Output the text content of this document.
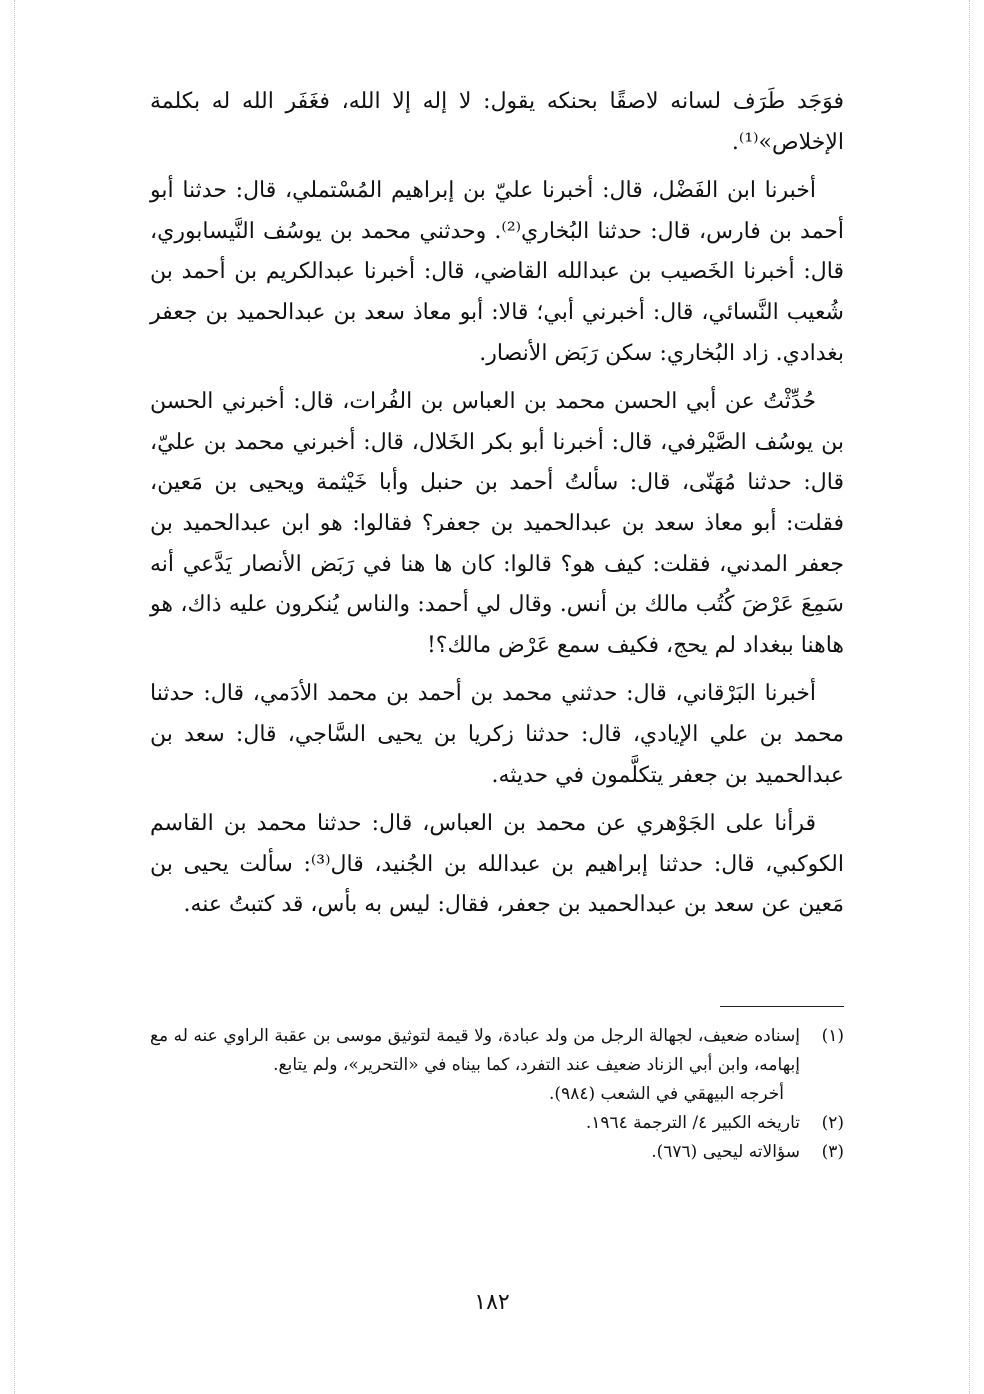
فوَجَد طَرَف لسانه لاصقًا بحنكه يقول: لا إله إلا الله، فغَفَر الله له بكلمة الإخلاص»⁽¹⁾.

أخبرنا ابن الفَضْل، قال: أخبرنا عليّ بن إبراهيم المُسْتملي، قال: حدثنا أبو أحمد بن فارس، قال: حدثنا البُخاري⁽²⁾. وحدثني محمد بن يوسُف النَّيسابوري، قال: أخبرنا الخَصيب بن عبدالله القاضي، قال: أخبرنا عبدالكريم بن أحمد بن شُعيب النَّسائي، قال: أخبرني أبي؛ قالا: أبو معاذ سعد بن عبدالحميد بن جعفر بغدادي. زاد البُخاري: سكن رَبَض الأنصار.

حُدِّثْتُ عن أبي الحسن محمد بن العباس بن الفُرات، قال: أخبرني الحسن بن يوسُف الصَّيْرفي، قال: أخبرنا أبو بكر الخَلال، قال: أخبرني محمد بن عليّ، قال: حدثنا مُهَنّى، قال: سألتُ أحمد بن حنبل وأبا خَيْثمة ويحيى بن مَعين، فقلت: أبو معاذ سعد بن عبدالحميد بن جعفر؟ فقالوا: هو ابن عبدالحميد بن جعفر المدني، فقلت: كيف هو؟ قالوا: كان ها هنا في رَبَض الأنصار يَدَّعي أنه سَمِعَ عَرْضَ كُتُب مالك بن أنس. وقال لي أحمد: والناس يُنكرون عليه ذاك، هو هاهنا ببغداد لم يحج، فكيف سمع عَرْض مالك؟!

أخبرنا البَرْقاني، قال: حدثني محمد بن أحمد بن محمد الأدَمي، قال: حدثنا محمد بن علي الإيادي، قال: حدثنا زكريا بن يحيى السَّاجي، قال: سعد بن عبدالحميد بن جعفر يتكلَّمون في حديثه.

قرأنا على الجَوْهري عن محمد بن العباس، قال: حدثنا محمد بن القاسم الكوكبي، قال: حدثنا إبراهيم بن عبدالله بن الجُنيد، قال⁽³⁾: سألت يحيى بن مَعين عن سعد بن عبدالحميد بن جعفر، فقال: ليس به بأس، قد كتبتُ عنه.

(١)
إسناده ضعيف، لجهالة الرجل من ولد عبادة، ولا قيمة لتوثيق موسى بن عقبة الراوي عنه له مع إبهامه، وابن أبي الزناد ضعيف عند التفرد، كما بيناه في «التحرير»، ولم يتابع.
أخرجه البيهقي في الشعب (٩٨٤).
(٢)
تاريخه الكبير ٤/ الترجمة ١٩٦٤.
(٣)
سؤالاته ليحيى (٦٧٦).
١٨٢
